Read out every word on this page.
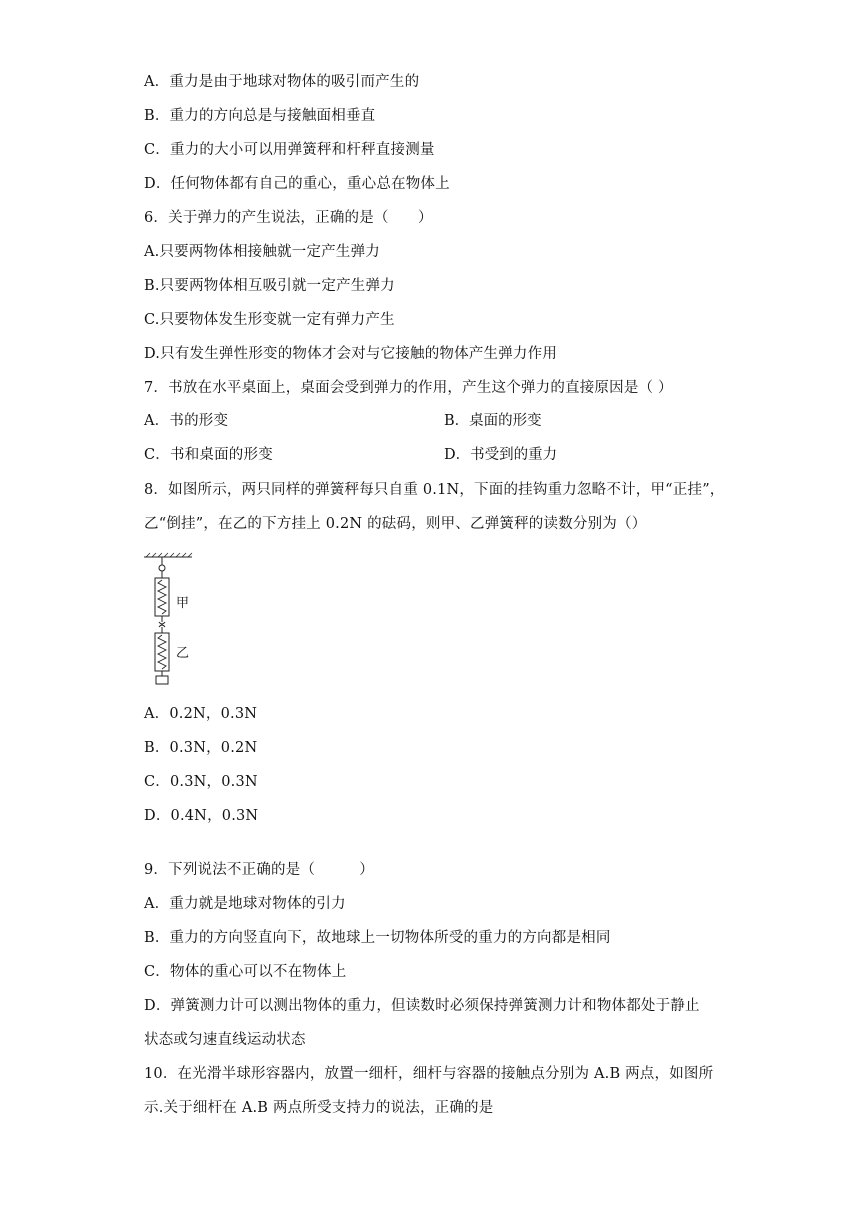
A．重力是由于地球对物体的吸引而产生的
B．重力的方向总是与接触面相垂直
C．重力的大小可以用弹簧秤和杆秤直接测量
D．任何物体都有自己的重心，重心总在物体上
6．关于弹力的产生说法，正确的是（　　）
A.只要两物体相接触就一定产生弹力
B.只要两物体相互吸引就一定产生弹力
C.只要物体发生形变就一定有弹力产生
D.只有发生弹性形变的物体才会对与它接触的物体产生弹力作用
7．书放在水平桌面上，桌面会受到弹力的作用，产生这个弹力的直接原因是（ ）
A．书的形变	B．桌面的形变
C．书和桌面的形变	D．书受到的重力
8．如图所示，两只同样的弹簧秤每只自重 0.1N，下面的挂钩重力忽略不计，甲“正挂”，
乙“倒挂”，在乙的下方挂上 0.2N 的砝码，则甲、乙弹簧秤的读数分别为（）
甲
乙
A．0.2N，0.3N
B．0.3N，0.2N
C．0.3N，0.3N
D．0.4N，0.3N
9．下列说法不正确的是（　　　）
A．重力就是地球对物体的引力
B．重力的方向竖直向下，故地球上一切物体所受的重力的方向都是相同
C．物体的重心可以不在物体上
D．弹簧测力计可以测出物体的重力，但读数时必须保持弹簧测力计和物体都处于静止
状态或匀速直线运动状态
10．在光滑半球形容器内，放置一细杆，细杆与容器的接触点分别为 A.B 两点，如图所
示.关于细杆在 A.B 两点所受支持力的说法，正确的是
